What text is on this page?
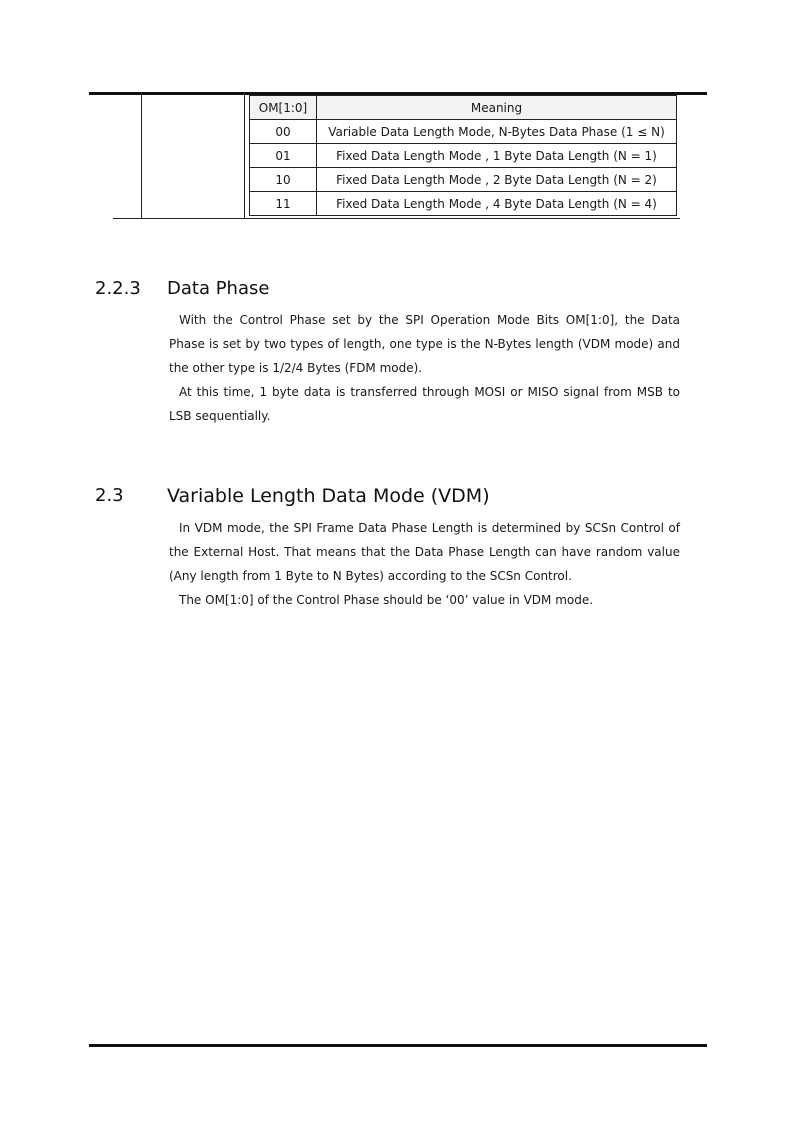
OM[1:0]	Meaning
00	Variable Data Length Mode, N-Bytes Data Phase (1 ≤ N)
01	Fixed Data Length Mode , 1 Byte Data Length (N = 1)
10	Fixed Data Length Mode , 2 Byte Data Length (N = 2)
11	Fixed Data Length Mode , 4 Byte Data Length (N = 4)
2.2.3 Data Phase

With the Control Phase set by the SPI Operation Mode Bits OM[1:0], the Data Phase is set by two types of length, one type is the N-Bytes length (VDM mode) and the other type is 1/2/4 Bytes (FDM mode).

At this time, 1 byte data is transferred through MOSI or MISO signal from MSB to LSB sequentially.

2.3 Variable Length Data Mode (VDM)

In VDM mode, the SPI Frame Data Phase Length is determined by SCSn Control of the External Host. That means that the Data Phase Length can have random value (Any length from 1 Byte to N Bytes) according to the SCSn Control.

The OM[1:0] of the Control Phase should be ‘00’ value in VDM mode.
